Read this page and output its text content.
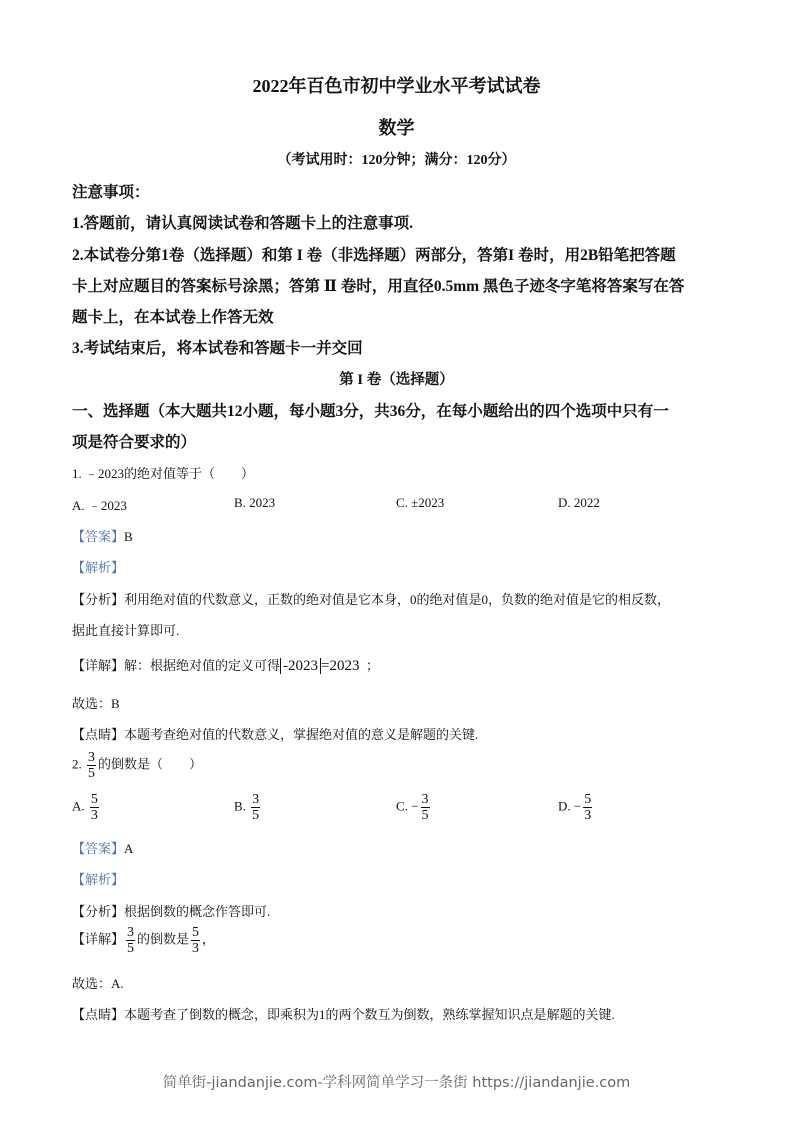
2022年百色市初中学业水平考试试卷
数学
（考试用时：120分钟；满分：120分）
注意事项：
1.答题前，请认真阅读试卷和答题卡上的注意事项.
2.本试卷分第1卷（选择题）和第 I 卷（非选择题）两部分，答第I 卷时，用2B铅笔把答题
卡上对应题目的答案标号涂黑；答第 Ⅱ 卷时，用直径0.5mm 黑色子迹冬字笔将答案写在答
题卡上，在本试卷上作答无效
3.考试结束后，将本试卷和答题卡一并交回
第 I 卷（选择题）
一、选择题（本大题共12小题，每小题3分，共36分，在每小题给出的四个选项中只有一
项是符合要求的）
1. ﹣2023的绝对值等于（　　）
A. ﹣2023	B. 2023	C. ±2023	D. 2022
【答案】B
【解析】
【分析】利用绝对值的代数意义，正数的绝对值是它本身，0的绝对值是0，负数的绝对值是它的相反数，
据此直接计算即可.
【详解】解：根据绝对值的定义可得 -2023 =2023 ；
故选：B
【点睛】本题考查绝对值的代数意义，掌握绝对值的意义是解题的关键.
2. $\frac{3}{5}$ 的倒数是（　　）
A. $\frac{5}{3}$	B. $\frac{3}{5}$	C. − $\frac{3}{5}$	D. − $\frac{5}{3}$
【答案】A
【解析】
【分析】根据倒数的概念作答即可.
【详解】 $\frac{3}{5}$ 的倒数是 $\frac{5}{3}$ ，
故选：A.
【点睛】本题考查了倒数的概念，即乘积为1的两个数互为倒数，熟练掌握知识点是解题的关键.
简单街-jiandanjie.com-学科网简单学习一条街 https://jiandanjie.com
